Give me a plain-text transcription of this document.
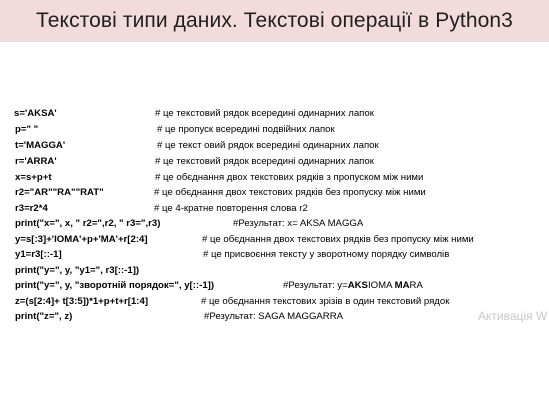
Текстові типи даних. Текстові операції в Python3
s='AKSA'	# це текстовий рядок всередині одинарних лапок
p=" "	# це пропуск всередині подвійних лапок
t='MAGGA'	# це текст овий рядок всередині одинарних лапок
r='ARRA'	# це текстовий рядок всередині одинарних лапок
x=s+p+t	# це обєднання двох текстових рядків з пропуском між ними
r2="AR""RA""RAT"	# це обєднання двох текстових рядків без пропуску між ними
r3=r2*4	# це 4-кратне повторення слова r2
print("x=", x, " r2=",r2, " r3=",r3)	#Результат: x= AKSA MAGGA
y=s[:3]+'IOMA'+p+'MA'+r[2:4]	# це обєднання двох текстових рядків без пропуску між ними
y1=r3[::-1]	# це присвоєння тексту у зворотному порядку символів
print("y=", y, "y1=", r3[::-1])
print("y=", y, "зворотній порядок=", y[::-1])	#Результат: y=AKSIOMA MARA
z=(s[2:4]+ t[3:5])*1+p+t+r[1:4]	# це обєднання текстових зрізів в один текстовий рядок
print("z=", z)	#Результат: SAGA MAGGARRA	Активація W
